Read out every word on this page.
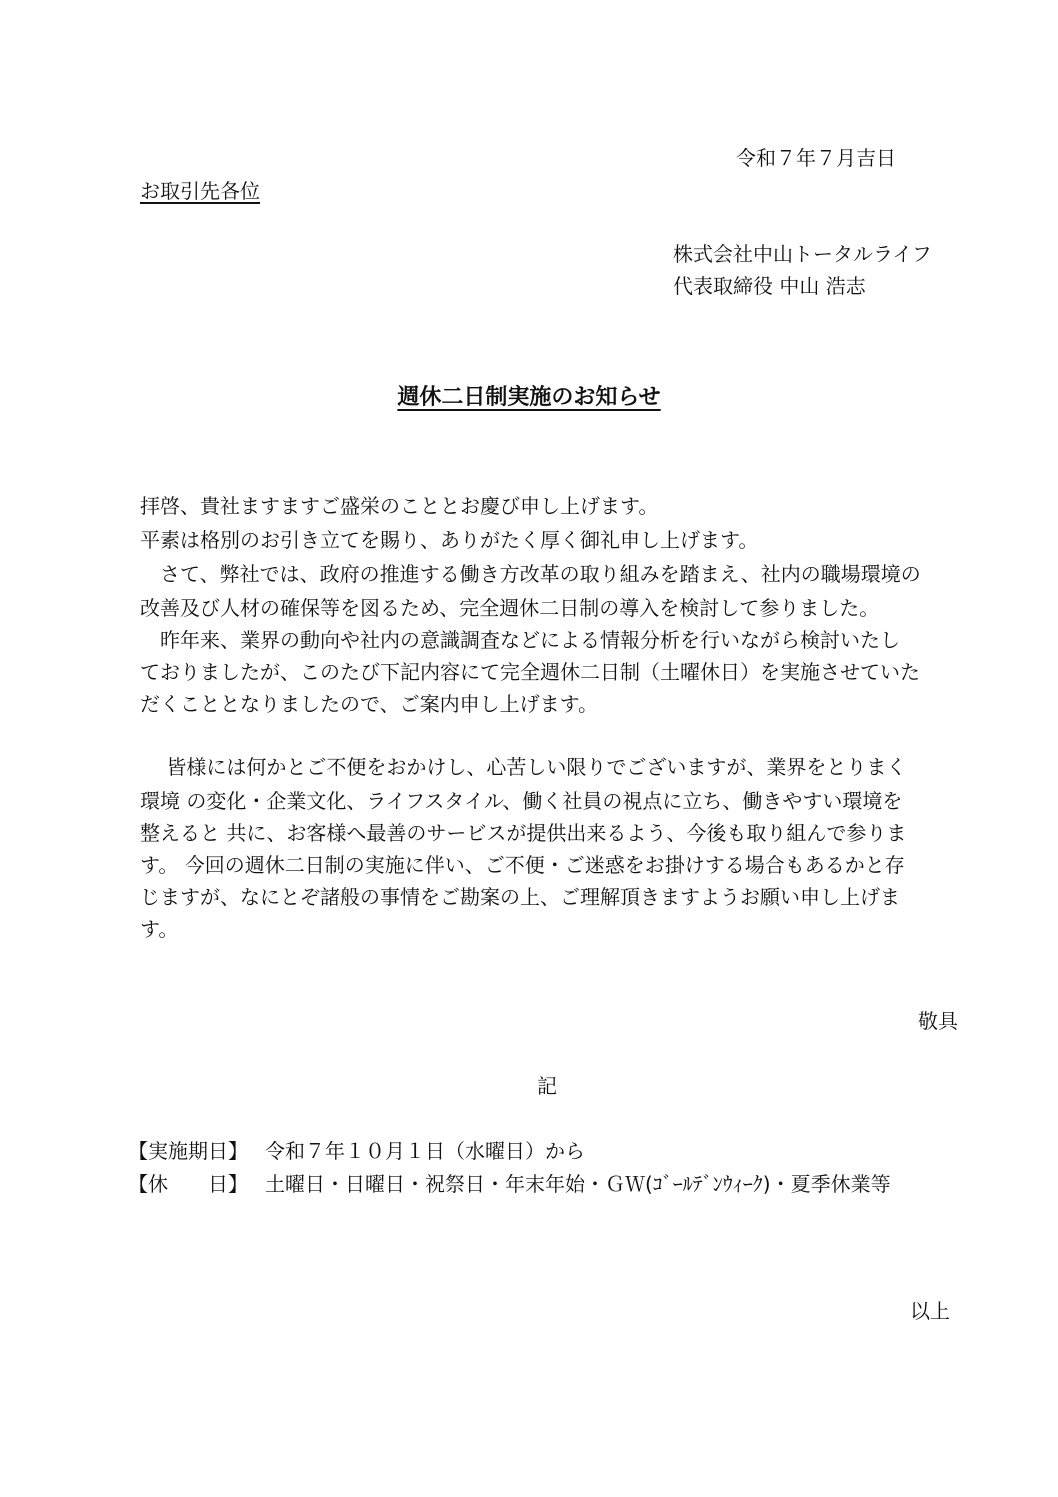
令和７年７月吉日
お取引先各位
株式会社中山トータルライフ
代表取締役 中山 浩志
週休二日制実施のお知らせ
拝啓、貴社ますますご盛栄のこととお慶び申し上げます。
平素は格別のお引き立てを賜り、ありがたく厚く御礼申し上げます。
　さて、弊社では、政府の推進する働き方改革の取り組みを踏まえ、社内の職場環境の
改善及び人材の確保等を図るため、完全週休二日制の導入を検討して参りました。
　昨年来、業界の動向や社内の意識調査などによる情報分析を行いながら検討いたし
ておりましたが、このたび下記内容にて完全週休二日制（土曜休日）を実施させていた
だくこととなりましたので、ご案内申し上げます。
　 皆様には何かとご不便をおかけし、心苦しい限りでございますが、業界をとりまく
環境 の変化・企業文化、ライフスタイル、働く社員の視点に立ち、働きやすい環境を
整えると 共に、お客様へ最善のサービスが提供出来るよう、今後も取り組んで参りま
す。 今回の週休二日制の実施に伴い、ご不便・ご迷惑をお掛けする場合もあるかと存
じますが、なにとぞ諸般の事情をご勘案の上、ご理解頂きますようお願い申し上げま
す。
敬具
記
【実施期日】 令和７年１０月１日（水曜日）から
【休　　日】 土曜日・日曜日・祝祭日・年末年始・ＧＷ(ｺﾞｰﾙﾃﾞﾝｳｨｰｸ)・夏季休業等
以上
